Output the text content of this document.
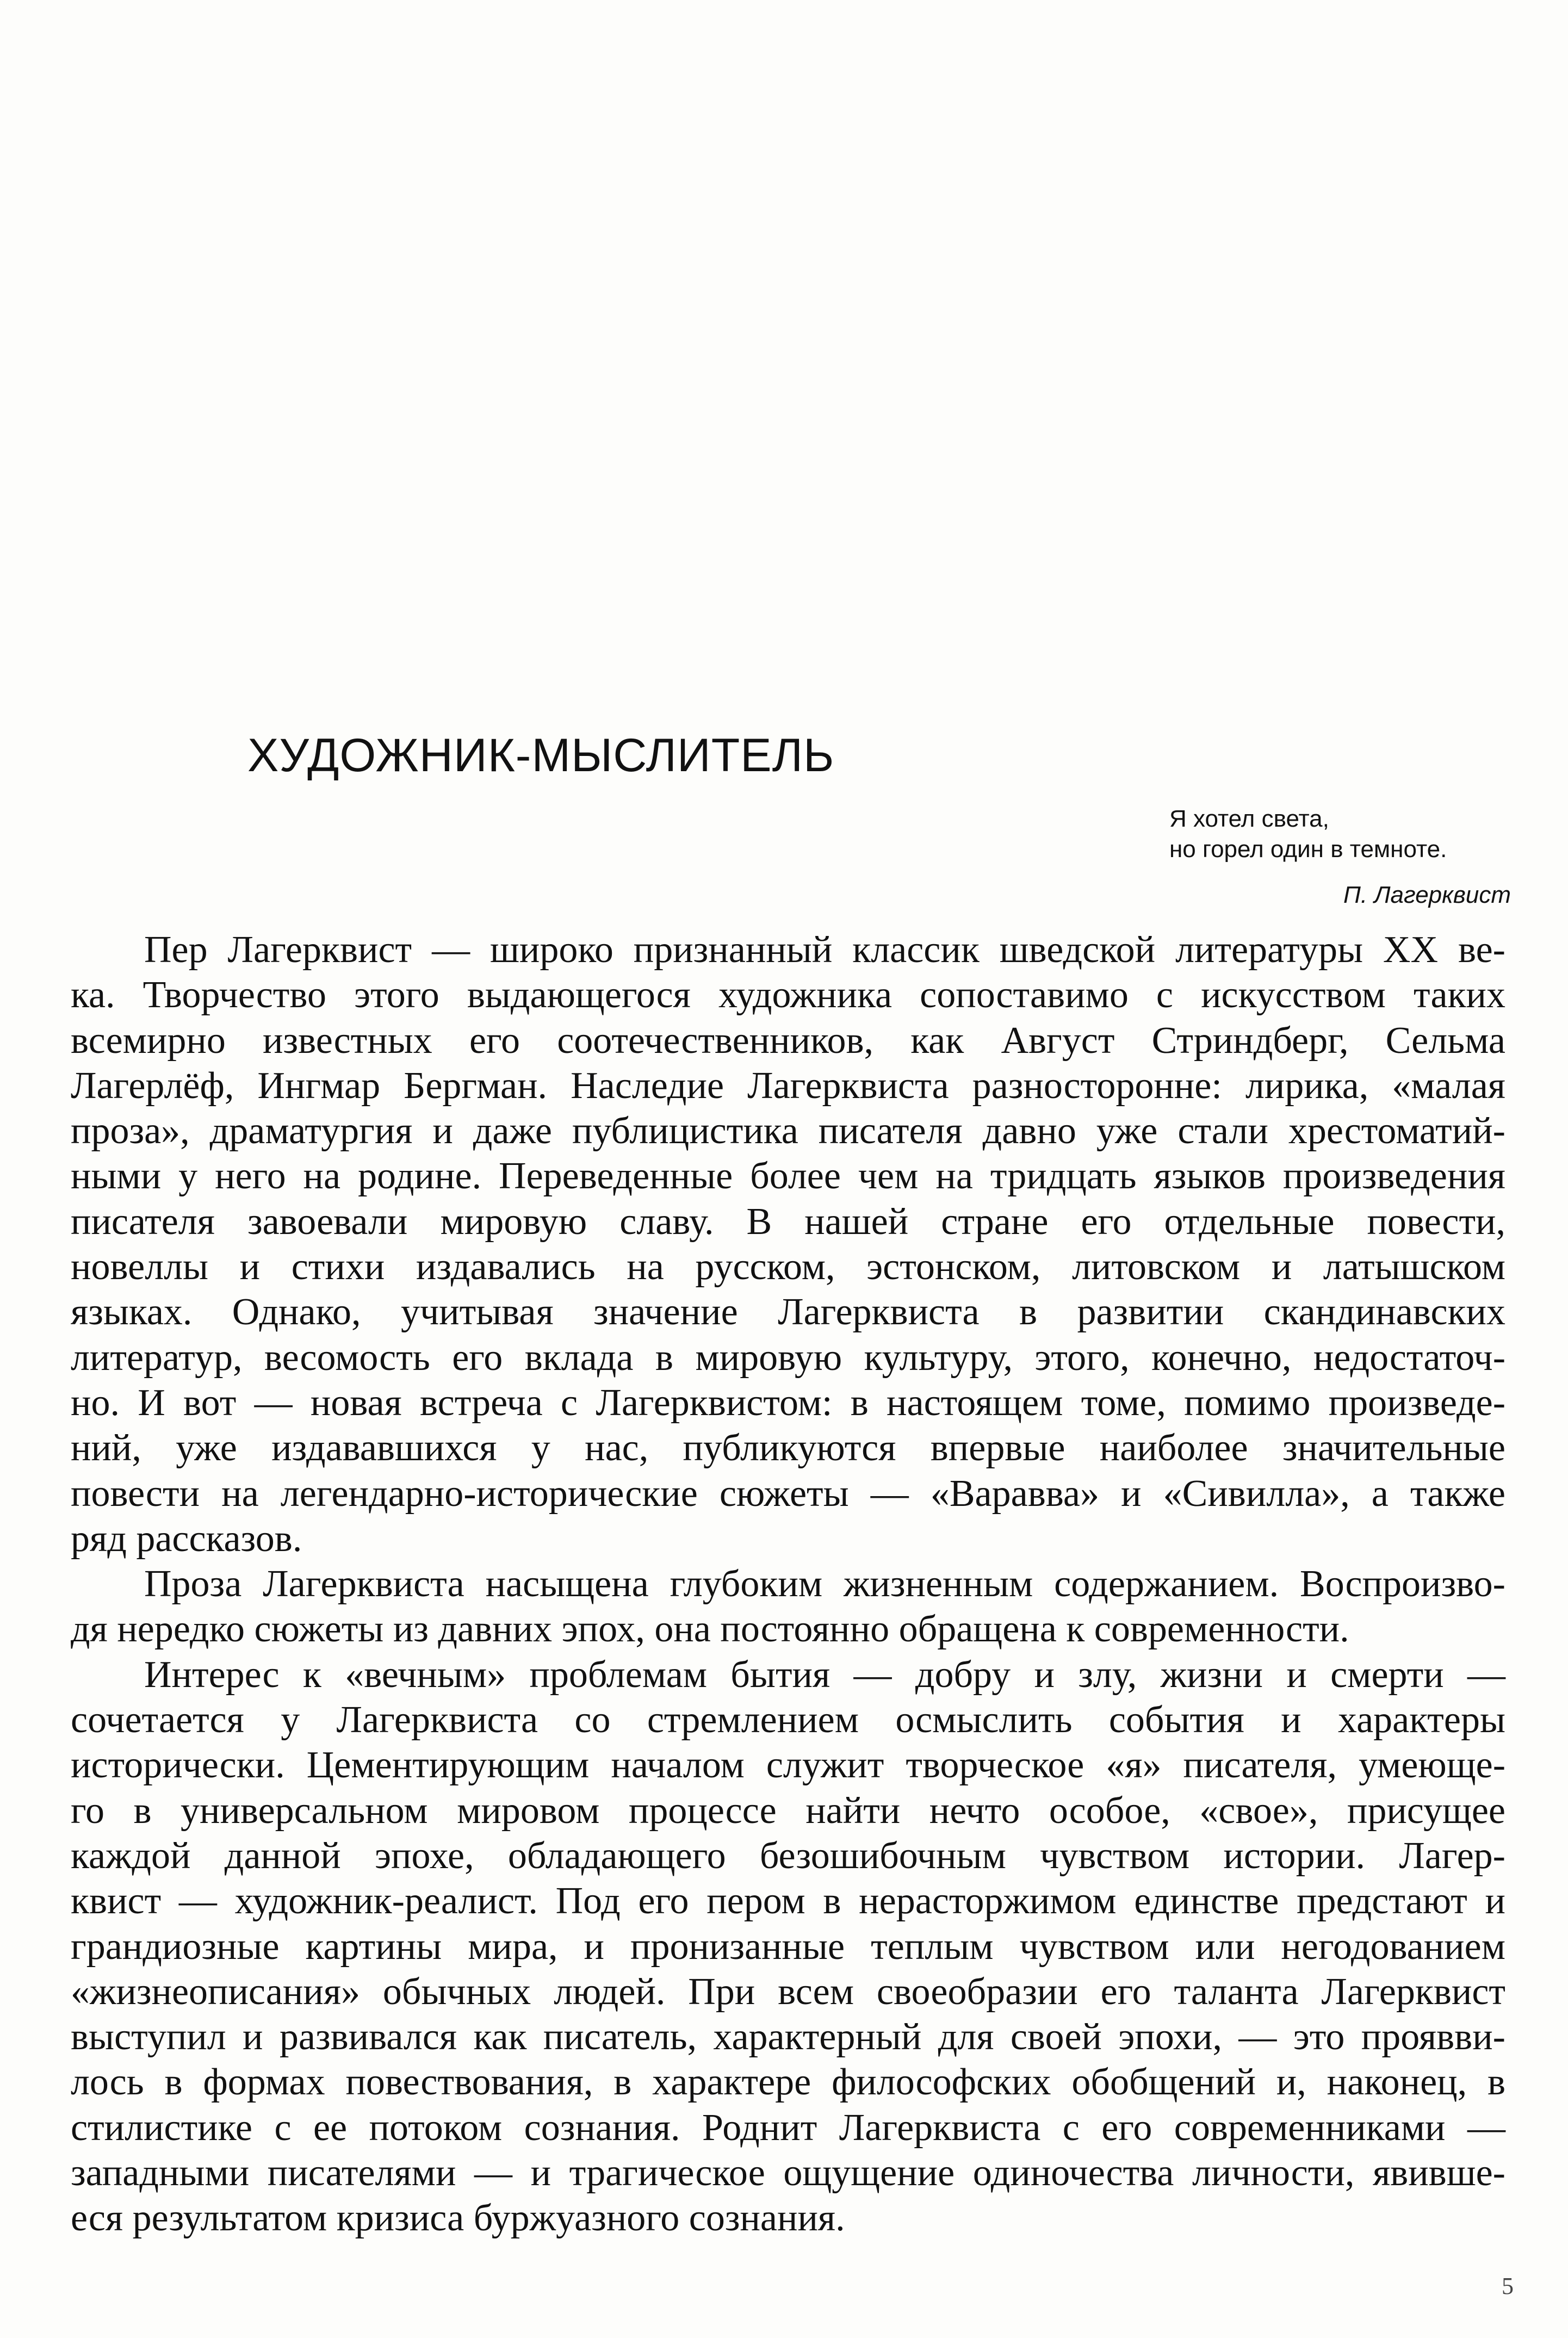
ХУДОЖНИК-МЫСЛИТЕЛЬ
Я хотел света,
но горел один в темноте.
П. Лагерквист
Пер Лагерквист — широко признанный классик шведской литературы XX ве-
ка. Творчество этого выдающегося художника сопоставимо с искусством таких
всемирно известных его соотечественников, как Август Стриндберг, Сельма
Лагерлёф, Ингмар Бергман. Наследие Лагерквиста разносторонне: лирика, «малая
проза», драматургия и даже публицистика писателя давно уже стали хрестоматий-
ными у него на родине. Переведенные более чем на тридцать языков произведения
писателя завоевали мировую славу. В нашей стране его отдельные повести,
новеллы и стихи издавались на русском, эстонском, литовском и латышском
языках. Однако, учитывая значение Лагерквиста в развитии скандинавских
литератур, весомость его вклада в мировую культуру, этого, конечно, недостаточ-
но. И вот — новая встреча с Лагерквистом: в настоящем томе, помимо произведе-
ний, уже издававшихся у нас, публикуются впервые наиболее значительные
повести на легендарно-исторические сюжеты — «Варавва» и «Сивилла», а также
ряд рассказов.
Проза Лагерквиста насыщена глубоким жизненным содержанием. Воспроизво-
дя нередко сюжеты из давних эпох, она постоянно обращена к современности.
Интерес к «вечным» проблемам бытия — добру и злу, жизни и смерти —
сочетается у Лагерквиста со стремлением осмыслить события и характеры
исторически. Цементирующим началом служит творческое «я» писателя, умеюще-
го в универсальном мировом процессе найти нечто особое, «свое», присущее
каждой данной эпохе, обладающего безошибочным чувством истории. Лагер-
квист — художник-реалист. Под его пером в нерасторжимом единстве предстают и
грандиозные картины мира, и пронизанные теплым чувством или негодованием
«жизнеописания» обычных людей. При всем своеобразии его таланта Лагерквист
выступил и развивался как писатель, характерный для своей эпохи, — это проявви-
лось в формах повествования, в характере философских обобщений и, наконец, в
стилистике с ее потоком сознания. Роднит Лагерквиста с его современниками —
западными писателями — и трагическое ощущение одиночества личности, явивше-
еся результатом кризиса буржуазного сознания.
5
